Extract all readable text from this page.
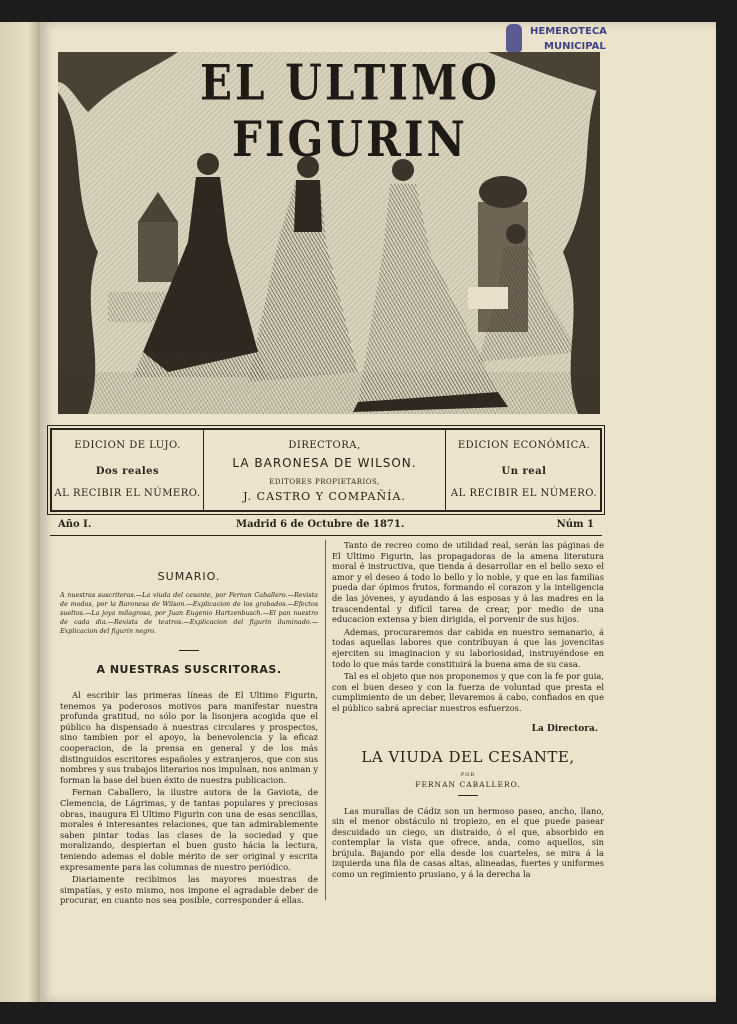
HEMEROTECA
MUNICIPAL
EL ULTIMO FIGURIN
EDICION DE LUJO.
Dos reales
AL RECIBIR EL NÚMERO.
DIRECTORA,
LA BARONESA DE WILSON.
EDITORES PROPIETARIOS,
J. CASTRO Y COMPAÑÍA.
EDICION ECONÓMICA.
Un real
AL RECIBIR EL NÚMERO.
Año I.	Madrid 6 de Octubre de 1871.	Núm 1
SUMARIO.
A nuestras suscritoras.—La viuda del cesante, por Fernan Caballero.—Revista de modas, por la Baronesa de Wilson.—Explicacion de los grabados.—Efectos sueltos.—La joya milagrosa, por Juan Eugenio Hartzenbusch.—El pan nuestro de cada dia.—Revista de teatros.—Explicacion del figurin iluminado.—Explicacion del figurin negro.
A NUESTRAS SUSCRITORAS.

Al escribir las primeras líneas de El Ultimo Figurin, tenemos ya poderosos motivos para manifestar nuestra profunda gratitud, no sólo por la lisonjera acogida que el público ha dispensado á nuestras circulares y prospectos, sino tambien por el apoyo, la benevolencia y la eficaz cooperacion, de la prensa en general y de los más distinguidos escritores españoles y extranjeros, que con sus nombres y sus trabajos literarios nos impulsan, nos animan y forman la base del buen éxito de nuestra publicacion.

Fernan Caballero, la ilustre autora de la Gaviota, de Clemencia, de Lágrimas, y de tantas populares y preciosas obras, inaugura El Ultimo Figurin con una de esas sencillas, morales é interesantes relaciones, que tan admirablemente saben pintar todas las clases de la sociedad y que moralizando, despiertan el buen gusto hácia la lectura, teniendo ademas el doble mérito de ser original y escrita expresamente para las columnas de nuestro periódico.

Diariamente recibimos las mayores muestras de simpatías, y esto mismo, nos impone el agradable deber de procurar, en cuanto nos sea posible, corresponder á ellas.

Tanto de recreo como de utilidad real, serán las páginas de El Ultimo Figurin, las propagadoras de la amena literatura moral é instructiva, que tienda á desarrollar en el bello sexo el amor y el deseo á todo lo bello y lo noble, y que en las familias pueda dar ópimos frutos, formando el corazon y la inteligencia de las jóvenes, y ayudando á las esposas y á las madres en la trascendental y difícil tarea de crear, por medio de una educacion extensa y bien dirigida, el porvenir de sus hijos.

Ademas, procuraremos dar cabida en nuestro semanario, á todas aquellas labores que contribuyan á que las jovencitas ejerciten su imaginacion y su laboriosidad, instruyéndose en todo lo que más tarde constituirá la buena ama de su casa.

Tal es el objeto que nos proponemos y que con la fe por guia, con el buen deseo y con la fuerza de voluntad que presta el cumplimiento de un deber, llevaremos á cabo, confiados en que el público sabrá apreciar nuestros esfuerzos.

La Directora.
LA VIUDA DEL CESANTE,
POR
FERNAN CABALLERO.

Las murallas de Cádiz son un hermoso paseo, ancho, llano, sin el menor obstáculo ni tropiezo, en el que puede pasear descuidado un ciego, un distraido, ó el que, absorbido en contemplar la vista que ofrece, anda, como aquellos, sin brújula. Bajando por ella desde los cuarteles, se mira á la izquierda una fila de casas altas, alineadas, fuertes y uniformes como un regimiento prusiano, y á la derecha la
